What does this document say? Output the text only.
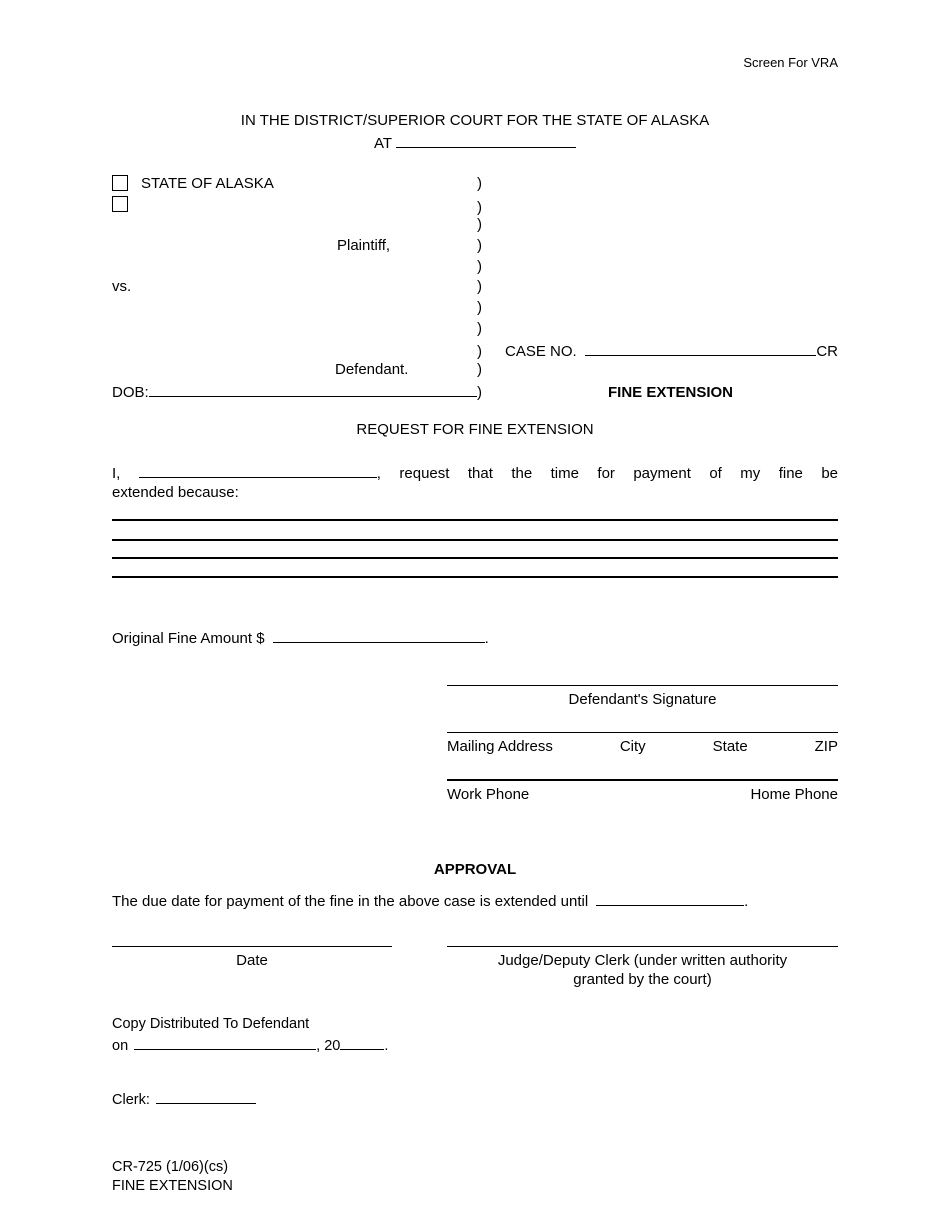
Screen For VRA
IN THE DISTRICT/SUPERIOR COURT FOR THE STATE OF ALASKA
AT
STATE OF ALASKA	)
)
)
Plaintiff,	)
)
vs.	)
)
)
)	CASE NO.	CR
Defendant.	)
DOB:	)	FINE EXTENSION
REQUEST FOR FINE EXTENSION
I,	, request that the time for payment of my fine be
extended because:
Original Fine Amount $	.
Defendant's Signature
Mailing Address	City	State	ZIP
Work Phone	Home Phone
APPROVAL
The due date for payment of the fine in the above case is extended until	.
Date	Judge/Deputy Clerk (under written authority
granted by the court)
Copy Distributed To Defendant
on	, 20	.
Clerk:
CR-725 (1/06)(cs)
FINE EXTENSION
